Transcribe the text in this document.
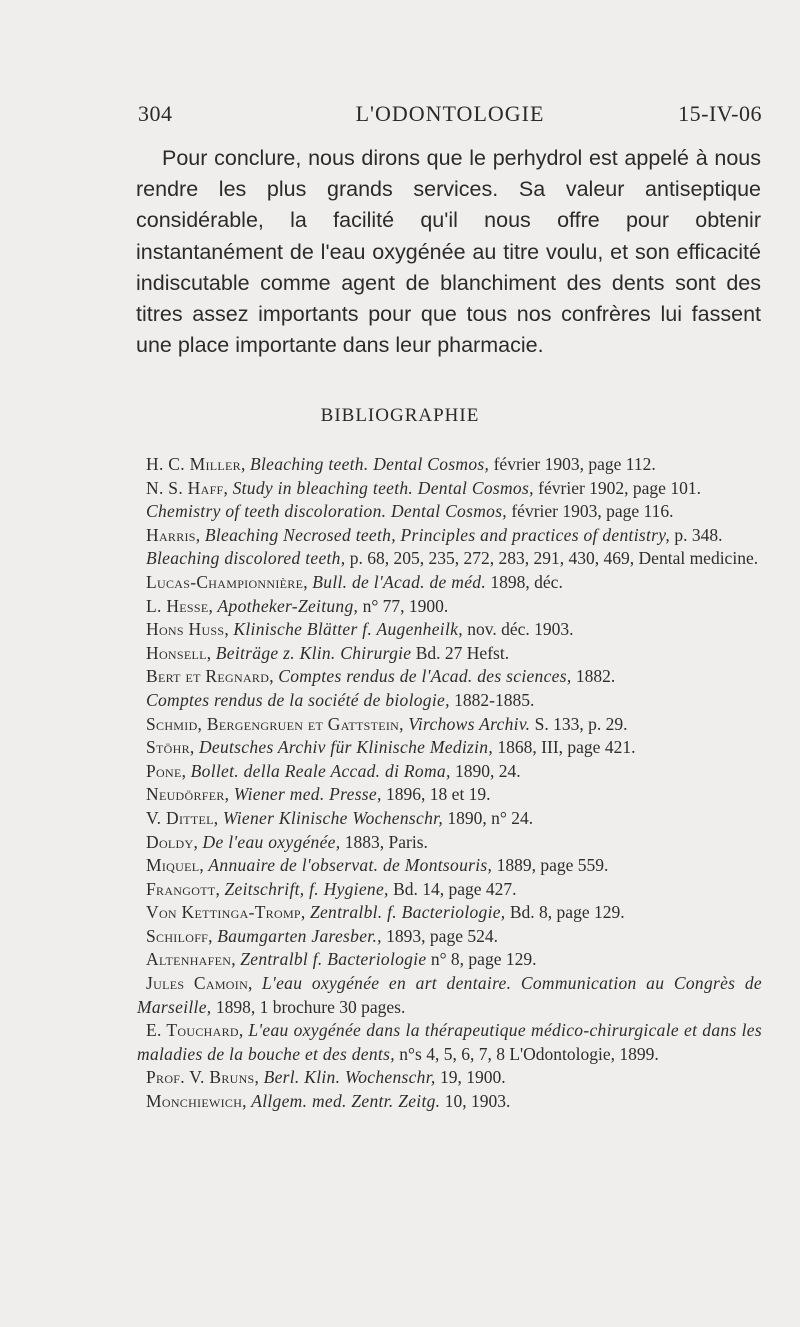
304	L'ODONTOLOGIE	15-IV-06
Pour conclure, nous dirons que le perhydrol est appelé à nous rendre les plus grands services. Sa valeur antiseptique considérable, la facilité qu'il nous offre pour obtenir instantanément de l'eau oxygénée au titre voulu, et son efficacité indiscutable comme agent de blanchiment des dents sont des titres assez importants pour que tous nos confrères lui fassent une place importante dans leur pharmacie.
BIBLIOGRAPHIE
H. C. Miller, Bleaching teeth. Dental Cosmos, février 1903, page 112.
N. S. Haff, Study in bleaching teeth. Dental Cosmos, février 1902, page 101.
Chemistry of teeth discoloration. Dental Cosmos, février 1903, page 116.
Harris, Bleaching Necrosed teeth, Principles and practices of dentistry, p. 348.
Bleaching discolored teeth, p. 68, 205, 235, 272, 283, 291, 430, 469, Dental medicine.
Lucas-Championnière, Bull. de l'Acad. de méd. 1898, déc.
L. Hesse, Apotheker-Zeitung, n° 77, 1900.
Hons Huss, Klinische Blätter f. Augenheilk, nov. déc. 1903.
Honsell, Beiträge z. Klin. Chirurgie Bd. 27 Hefst.
Bert et Regnard, Comptes rendus de l'Acad. des sciences, 1882.
Comptes rendus de la société de biologie, 1882-1885.
Schmid, Bergengruen et Gattstein, Virchows Archiv. S. 133, p. 29.
Stöhr, Deutsches Archiv für Klinische Medizin, 1868, III, page 421.
Pone, Bollet. della Reale Accad. di Roma, 1890, 24.
Neudörfer, Wiener med. Presse, 1896, 18 et 19.
V. Dittel, Wiener Klinische Wochenschr, 1890, n° 24.
Doldy, De l'eau oxygénée, 1883, Paris.
Miquel, Annuaire de l'observat. de Montsouris, 1889, page 559.
Frangott, Zeitschrift, f. Hygiene, Bd. 14, page 427.
Von Kettinga-Tromp, Zentralbl. f. Bacteriologie, Bd. 8, page 129.
Schiloff, Baumgarten Jaresber., 1893, page 524.
Altenhafen, Zentralbl f. Bacteriologie n° 8, page 129.
Jules Camoin, L'eau oxygénée en art dentaire. Communication au Congrès de Marseille, 1898, 1 brochure 30 pages.
E. Touchard, L'eau oxygénée dans la thérapeutique médico-chirurgicale et dans les maladies de la bouche et des dents, n°s 4, 5, 6, 7, 8 L'Odontologie, 1899.
Prof. V. Bruns, Berl. Klin. Wochenschr, 19, 1900.
Monchiewich, Allgem. med. Zentr. Zeitg. 10, 1903.
